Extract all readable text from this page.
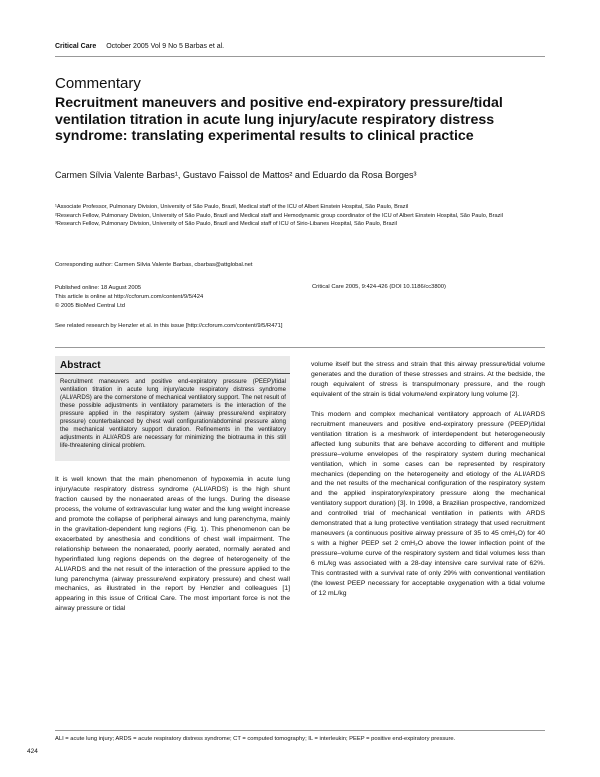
Critical Care October 2005 Vol 9 No 5 Barbas et al.
Commentary
Recruitment maneuvers and positive end-expiratory pressure/tidal ventilation titration in acute lung injury/acute respiratory distress syndrome: translating experimental results to clinical practice
Carmen Sílvia Valente Barbas¹, Gustavo Faissol de Mattos² and Eduardo da Rosa Borges³

¹Associate Professor, Pulmonary Division, University of São Paulo, Brazil, Medical staff of the ICU of Albert Einstein Hospital, São Paulo, Brazil

²Research Fellow, Pulmonary Division, University of São Paulo, Brazil and Medical staff and Hemodynamic group coordinator of the ICU of Albert Einstein Hospital, São Paulo, Brazil

³Research Fellow, Pulmonary Division, University of São Paulo, Brazil and Medical staff of ICU of Sirio-Libanes Hospital, São Paulo, Brazil

Corresponding author: Carmen Silvia Valente Barbas, cbarbas@attglobal.net

Published online: 18 August 2005

This article is online at http://ccforum.com/content/9/5/424

© 2005 BioMed Central Ltd

Critical Care 2005, 9:424-426 (DOI 10.1186/cc3800)
See related research by Henzler et al. in this issue [http://ccforum.com/content/9/5/R471]
Abstract
Recruitment maneuvers and positive end-expiratory pressure (PEEP)/tidal ventilation titration in acute lung injury/acute respiratory distress syndrome (ALI/ARDS) are the cornerstone of mechanical ventilatory support. The net result of these possible adjustments in ventilatory parameters is the interaction of the pressure applied in the respiratory system (airway pressure/end expiratory pressure) counterbalanced by chest wall configuration/abdominal pressure along the mechanical ventilatory support duration. Refinements in the ventilatory adjustments in ALI/ARDS are necessary for minimizing the biotrauma in this still life-threatening clinical problem.

It is well known that the main phenomenon of hypoxemia in acute lung injury/acute respiratory distress syndrome (ALI/ARDS) is the high shunt fraction caused by the nonaerated areas of the lungs. During the disease process, the volume of extravascular lung water and the lung weight increase and promote the collapse of peripheral airways and lung parenchyma, mainly in the gravitation-dependent lung regions (Fig. 1). This phenomenon can be exacerbated by anesthesia and conditions of chest wall impairment. The relationship between the nonaerated, poorly aerated, normally aerated and hyperinflated lung regions depends on the degree of heterogeneity of the ALI/ARDS and the net result of the interaction of the pressure applied to the lung parenchyma (airway pressure/end expiratory pressure) and chest wall mechanics, as illustrated in the report by Henzler and colleagues [1] appearing in this issue of Critical Care. The most important force is not the airway pressure or tidal

volume itself but the stress and strain that this airway pressure/tidal volume generates and the duration of these stresses and strains. At the bedside, the rough equivalent of stress is transpulmonary pressure, and the rough equivalent of the strain is tidal volume/end expiratory lung volume [2].

This modern and complex mechanical ventilatory approach of ALI/ARDS recruitment maneuvers and positive end-expiratory pressure (PEEP)/tidal ventilation titration is a meshwork of interdependent but heterogeneously affected lung subunits that are behave according to different and multiple pressure–volume envelopes of the respiratory system during mechanical ventilation, which in some cases can be represented by respiratory mechanics (depending on the heterogeneity and etiology of the ALI/ARDS and the net results of the mechanical configuration of the respiratory system and the applied inspiratory/expiratory pressure along the mechanical ventilatory support duration) [3]. In 1998, a Brazilian prospective, randomized and controlled trial of mechanical ventilation in patients with ARDS demonstrated that a lung protective ventilation strategy that used recruitment maneuvers (a continuous positive airway pressure of 35 to 45 cmH₂O) for 40 s with a higher PEEP set 2 cmH₂O above the lower inflection point of the pressure–volume curve of the respiratory system and tidal volumes less than 6 mL/kg was associated with a 28-day intensive care survival rate of 62%. This contrasted with a survival rate of only 29% with conventional ventilation (the lowest PEEP necessary for acceptable oxygenation with a tidal volume of 12 mL/kg

ALI = acute lung injury; ARDS = acute respiratory distress syndrome; CT = computed tomography; IL = interleukin; PEEP = positive end-expiratory pressure.
424
